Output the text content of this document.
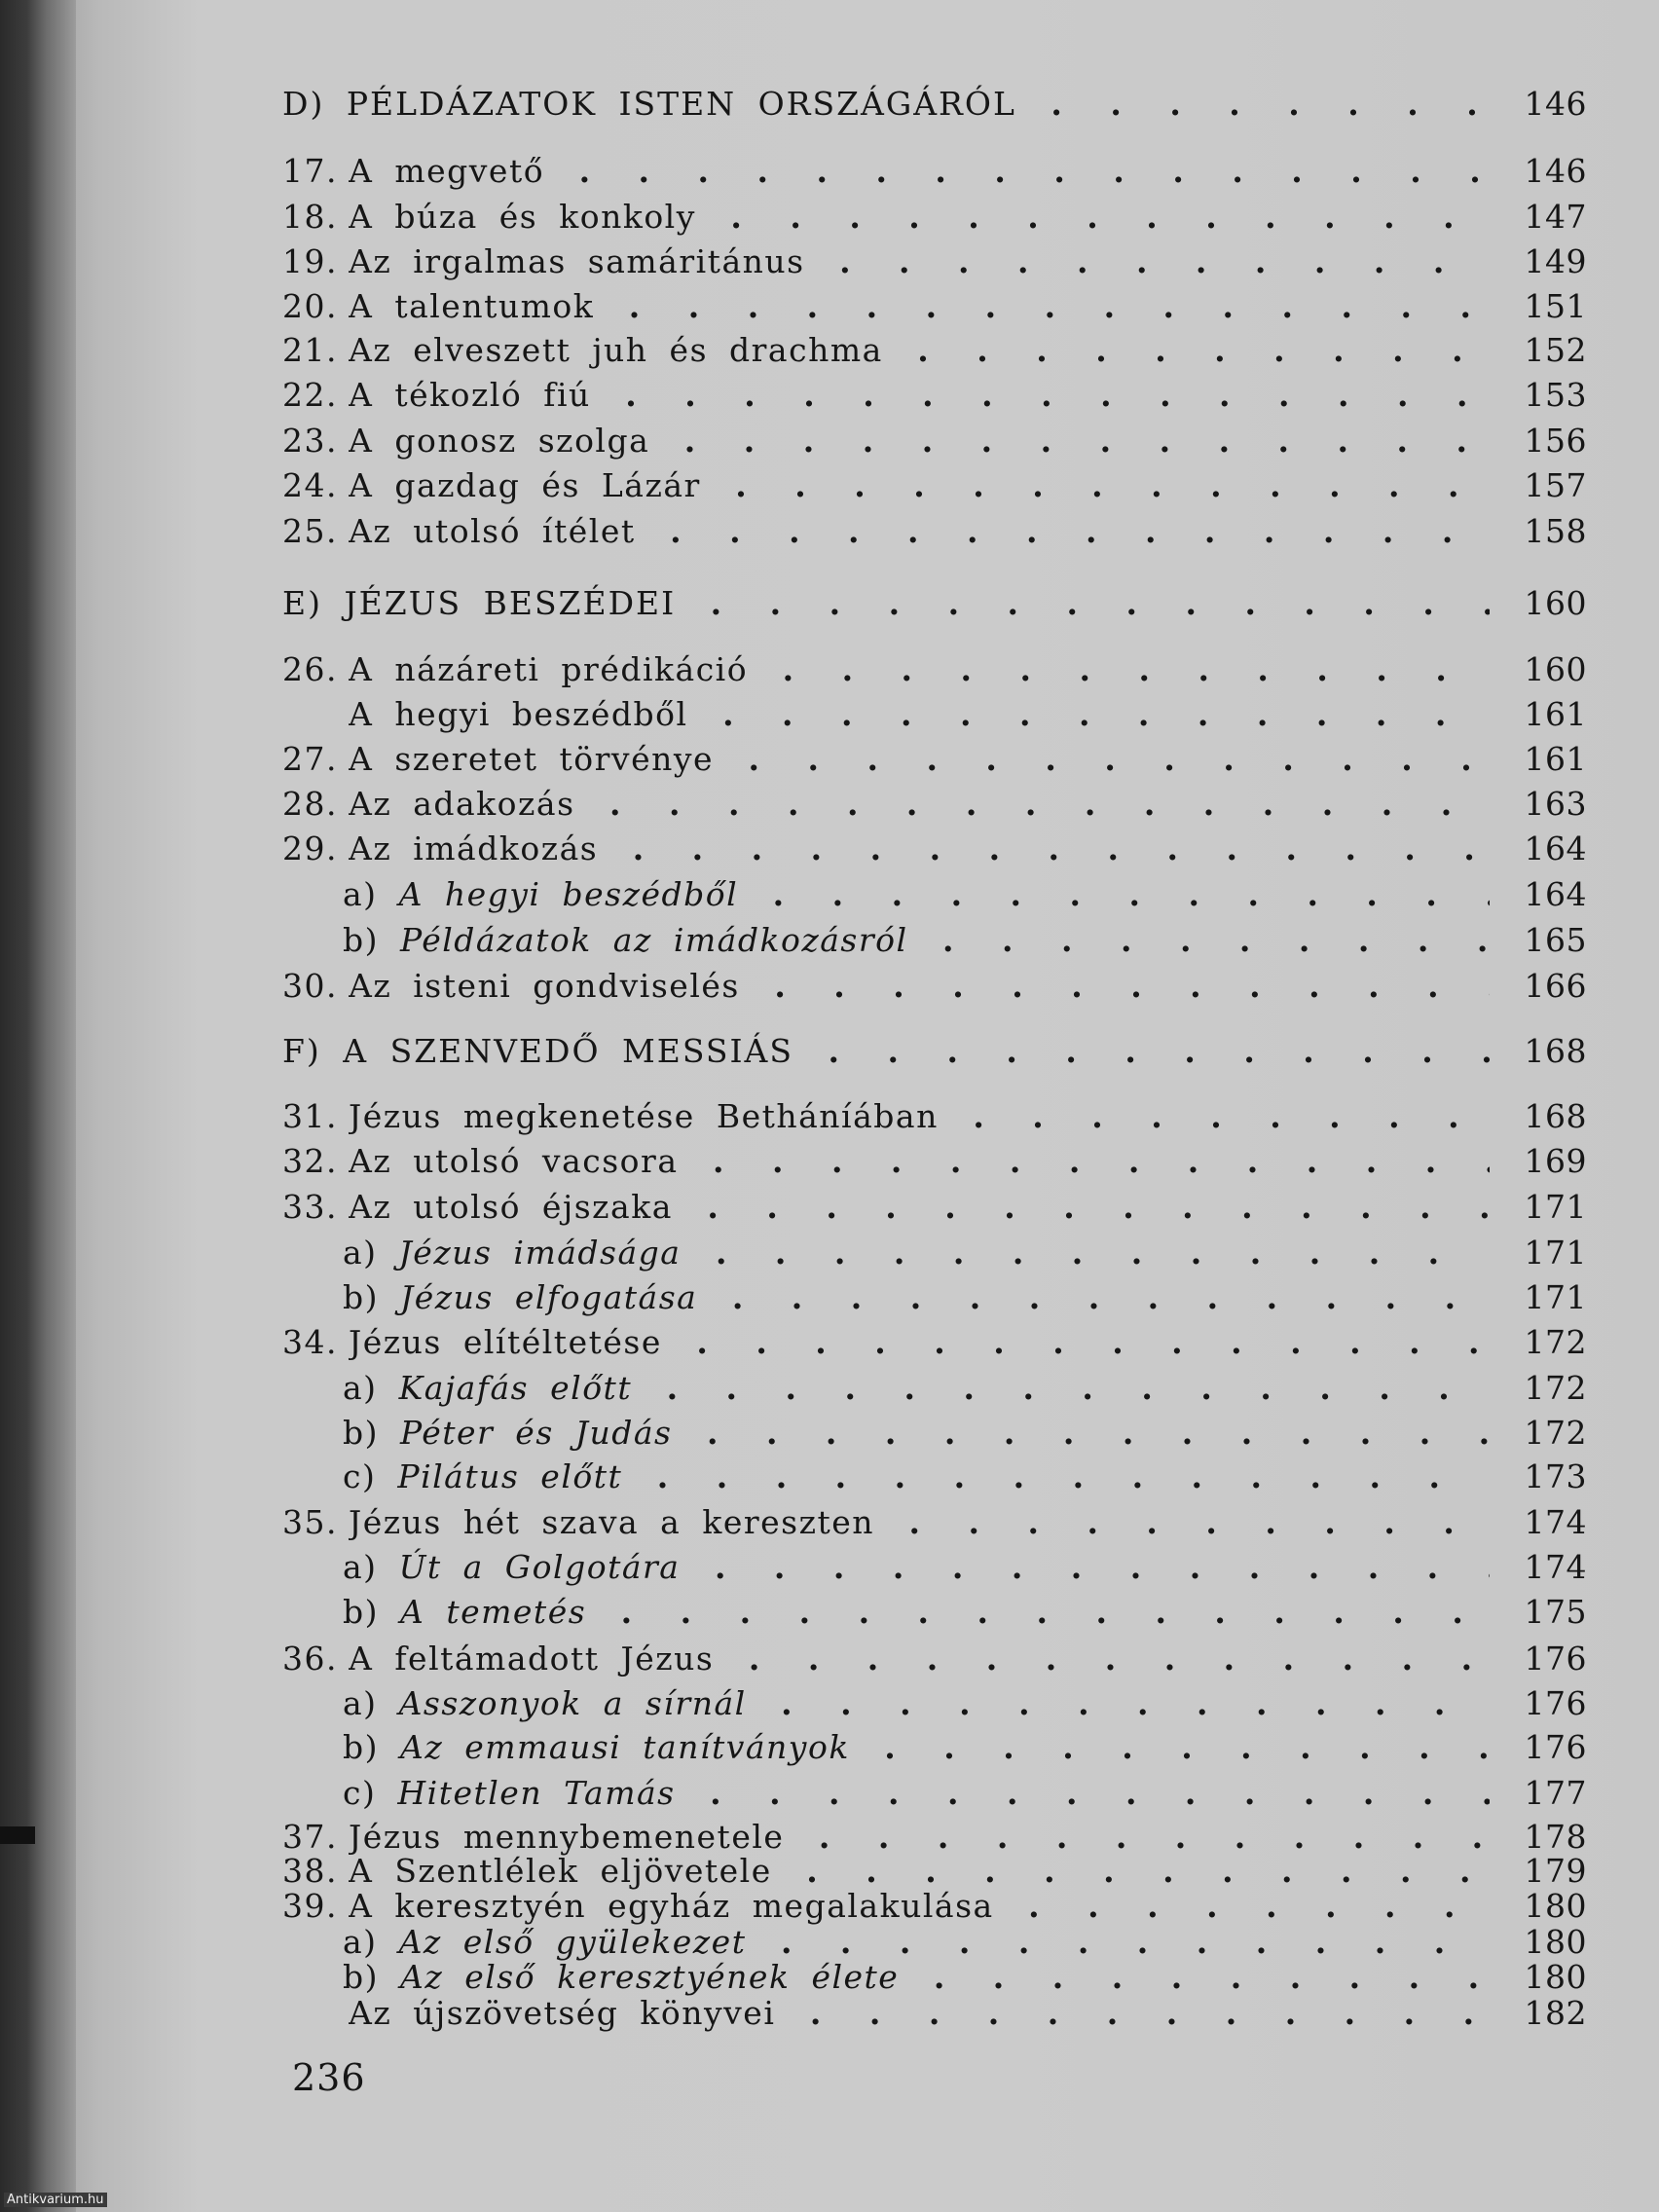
D) PÉLDÁZATOK ISTEN ORSZÁGÁRÓL . .	146
17. A megvető . .	146
18. A búza és konkoly . .	147
19. Az irgalmas samáritánus . .	149
20. A talentumok . .	151
21. Az elveszett juh és drachma . .	152
22. A tékozló fiú . .	153
23. A gonosz szolga . .	156
24. A gazdag és Lázár . .	157
25. Az utolsó ítélet . .	158
E) JÉZUS BESZÉDEI . .	160
26. A názáreti prédikáció . .	160
A hegyi beszédből . .	161
27. A szeretet törvénye . .	161
28. Az adakozás . .	163
29. Az imádkozás . .	164
a) A hegyi beszédből . .	164
b) Példázatok az imádkozásról . .	165
30. Az isteni gondviselés . .	166
F) A SZENVEDŐ MESSIÁS . .	168
31. Jézus megkenetése Betháníában . .	168
32. Az utolsó vacsora . .	169
33. Az utolsó éjszaka . .	171
a) Jézus imádsága . .	171
b) Jézus elfogatása . .	171
34. Jézus elítéltetése . .	172
a) Kajafás előtt . .	172
b) Péter és Judás . .	172
c) Pilátus előtt . .	173
35. Jézus hét szava a kereszten . .	174
a) Út a Golgotára . .	174
b) A temetés . .	175
36. A feltámadott Jézus . .	176
a) Asszonyok a sírnál . .	176
b) Az emmausi tanítványok . .	176
c) Hitetlen Tamás . .	177
37. Jézus mennybemenetele . .	178
38. A Szentlélek eljövetele . .	179
39. A keresztyén egyház megalakulása . .	180
a) Az első gyülekezet . .	180
b) Az első keresztyének élete . .	180
Az újszövetség könyvei . .	182
236
Antikvarium.hu
